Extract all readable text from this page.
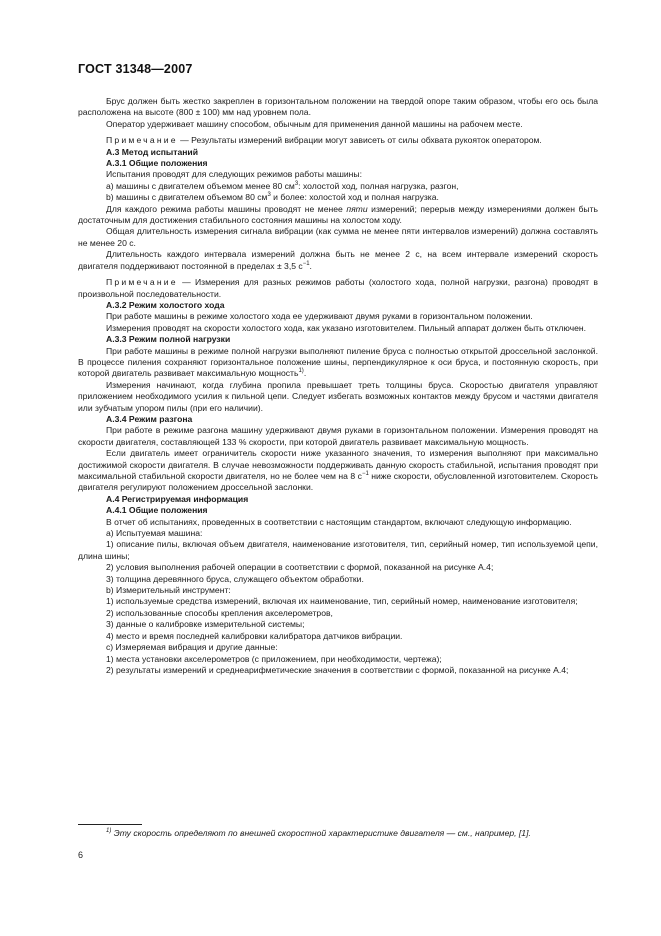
ГОСТ 31348—2007

Брус должен быть жестко закреплен в горизонтальном положении на твердой опоре таким образом, чтобы его ось была расположена на высоте (800 ± 100) мм над уровнем пола.

Оператор удерживает машину способом, обычным для применения данной машины на рабочем месте.

Примечание — Результаты измерений вибрации могут зависеть от силы обхвата рукояток оператором.

А.3 Метод испытаний

А.3.1 Общие положения

Испытания проводят для следующих режимов работы машины:

а) машины с двигателем объемом менее 80 $см^3$: холостой ход, полная нагрузка, разгон,

b) машины с двигателем объемом 80 $см^3$ и более: холостой ход и полная нагрузка.

Для каждого режима работы машины проводят не менее пяти измерений; перерыв между измерениями должен быть достаточным для достижения стабильного состояния машины на холостом ходу.

Общая длительность измерения сигнала вибрации (как сумма не менее пяти интервалов измерений) должна составлять не менее 20 с.

Длительность каждого интервала измерений должна быть не менее 2 с, на всем интервале измерений скорость двигателя поддерживают постоянной в пределах ± 3,5 $с^{-1}$.

Примечание — Измерения для разных режимов работы (холостого хода, полной нагрузки, разгона) проводят в произвольной последовательности.

А.3.2 Режим холостого хода

При работе машины в режиме холостого хода ее удерживают двумя руками в горизонтальном положении.

Измерения проводят на скорости холостого хода, как указано изготовителем. Пильный аппарат должен быть отключен.

А.3.3 Режим полной нагрузки

При работе машины в режиме полной нагрузки выполняют пиление бруса с полностью открытой дроссельной заслонкой. В процессе пиления сохраняют горизонтальное положение шины, перпендикулярное к оси бруса, и постоянную скорость, при которой двигатель развивает максимальную мощность$^{1)}$.

Измерения начинают, когда глубина пропила превышает треть толщины бруса. Скоростью двигателя управляют приложением необходимого усилия к пильной цепи. Следует избегать возможных контактов между брусом и частями двигателя или зубчатым упором пилы (при его наличии).

А.3.4 Режим разгона

При работе в режиме разгона машину удерживают двумя руками в горизонтальном положении. Измерения проводят на скорости двигателя, составляющей 133 % скорости, при которой двигатель развивает максимальную мощность.

Если двигатель имеет ограничитель скорости ниже указанного значения, то измерения выполняют при максимально достижимой скорости двигателя. В случае невозможности поддерживать данную скорость стабильной, испытания проводят при максимальной стабильной скорости двигателя, но не более чем на 8 $с^{-1}$ ниже скорости, обусловленной изготовителем. Скорость двигателя регулируют положением дроссельной заслонки.

А.4 Регистрируемая информация

А.4.1 Общие положения

В отчет об испытаниях, проведенных в соответствии с настоящим стандартом, включают следующую информацию.

а) Испытуемая машина:

1) описание пилы, включая объем двигателя, наименование изготовителя, тип, серийный номер, тип используемой цепи, длина шины;

2) условия выполнения рабочей операции в соответствии с формой, показанной на рисунке А.4;

3) толщина деревянного бруса, служащего объектом обработки.

b) Измерительный инструмент:

1) используемые средства измерений, включая их наименование, тип, серийный номер, наименование изготовителя;

2) использованные способы крепления акселерометров,

3) данные о калибровке измерительной системы;

4) место и время последней калибровки калибратора датчиков вибрации.

с) Измеряемая вибрация и другие данные:

1) места установки акселерометров (с приложением, при необходимости, чертежа);

2) результаты измерений и среднеарифметические значения в соответствии с формой, показанной на рисунке А.4;

$^{1)}$ Эту скорость определяют по внешней скоростной характеристике двигателя — см., например, [1].
6
